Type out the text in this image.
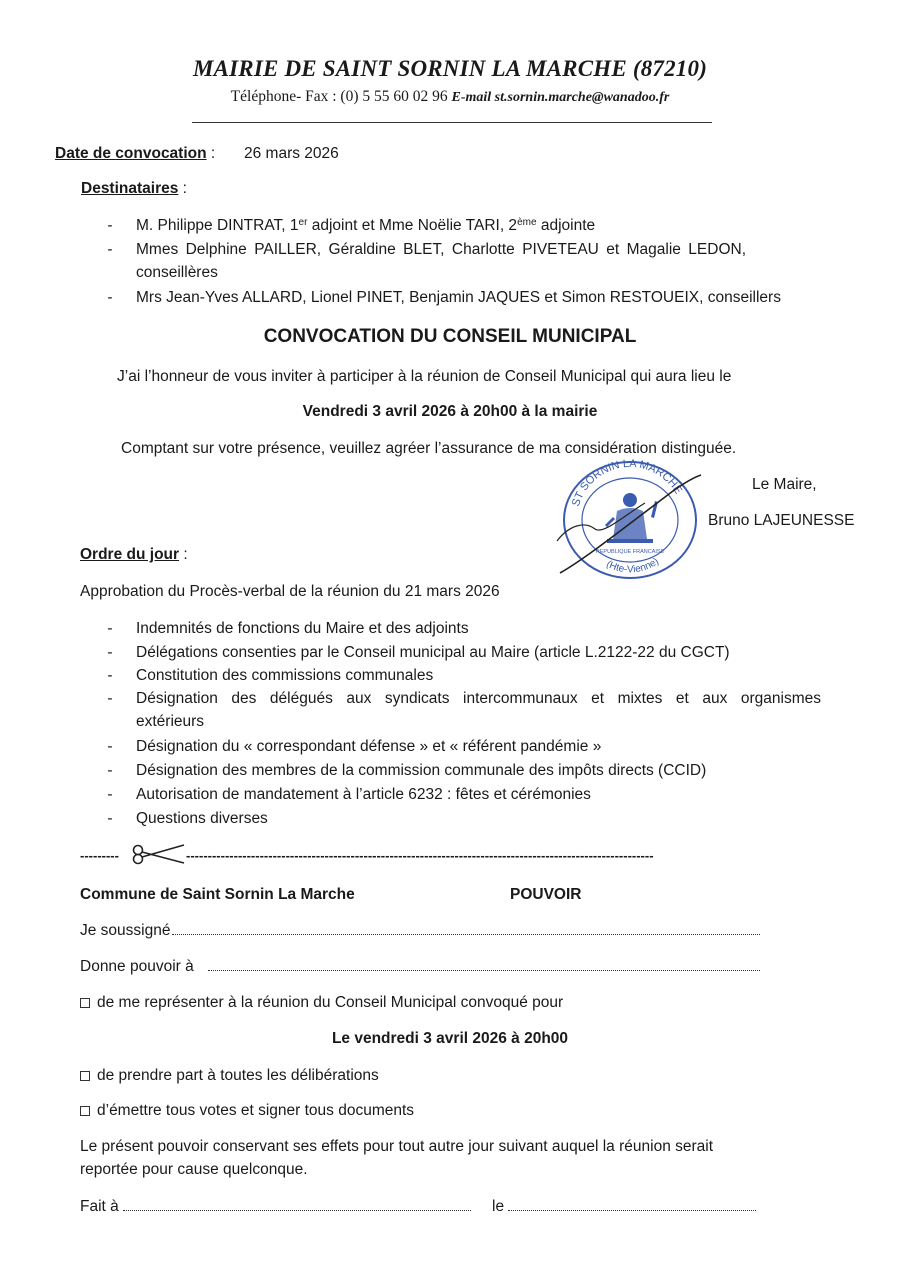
MAIRIE DE SAINT SORNIN LA MARCHE (87210)
Téléphone- Fax : (0) 5 55 60 02 96 E-mail st.sornin.marche@wanadoo.fr
Date de convocation : 26 mars 2026
Destinataires :
- M. Philippe DINTRAT, 1er adjoint et Mme Noëlie TARI, 2ème adjointe
- Mmes Delphine PAILLER, Géraldine BLET, Charlotte PIVETEAU et Magalie LEDON,
conseillères
- Mrs Jean-Yves ALLARD, Lionel PINET, Benjamin JAQUES et Simon RESTOUEIX, conseillers
CONVOCATION DU CONSEIL MUNICIPAL
J’ai l’honneur de vous inviter à participer à la réunion de Conseil Municipal qui aura lieu le
Vendredi 3 avril 2026 à 20h00 à la mairie
Comptant sur votre présence, veuillez agréer l’assurance de ma considération distinguée.
ST SORNIN LA MARCHE
(Hte-Vienne)
REPUBLIQUE FRANCAISE
Le Maire,
Bruno LAJEUNESSE
Ordre du jour :
Approbation du Procès-verbal de la réunion du 21 mars 2026
- Indemnités de fonctions du Maire et des adjoints
- Délégations consenties par le Conseil municipal au Maire (article L.2122-22 du CGCT)
- Constitution des commissions communales
- Désignation des délégués aux syndicats intercommunaux et mixtes et aux organismes
extérieurs
- Désignation du « correspondant défense » et « référent pandémie »
- Désignation des membres de la commission communale des impôts directs (CCID)
- Autorisation de mandatement à l’article 6232 : fêtes et cérémonies
- Questions diverses
---------	------------------------------------------------------------------------------------------------------------
Commune de Saint Sornin La Marche	POUVOIR
Je soussigné
Donne pouvoir à
de me représenter à la réunion du Conseil Municipal convoqué pour
Le vendredi 3 avril 2026 à 20h00
de prendre part à toutes les délibérations
d’émettre tous votes et signer tous documents
Le présent pouvoir conservant ses effets pour tout autre jour suivant auquel la réunion serait
reportée pour cause quelconque.
Fait à	le
